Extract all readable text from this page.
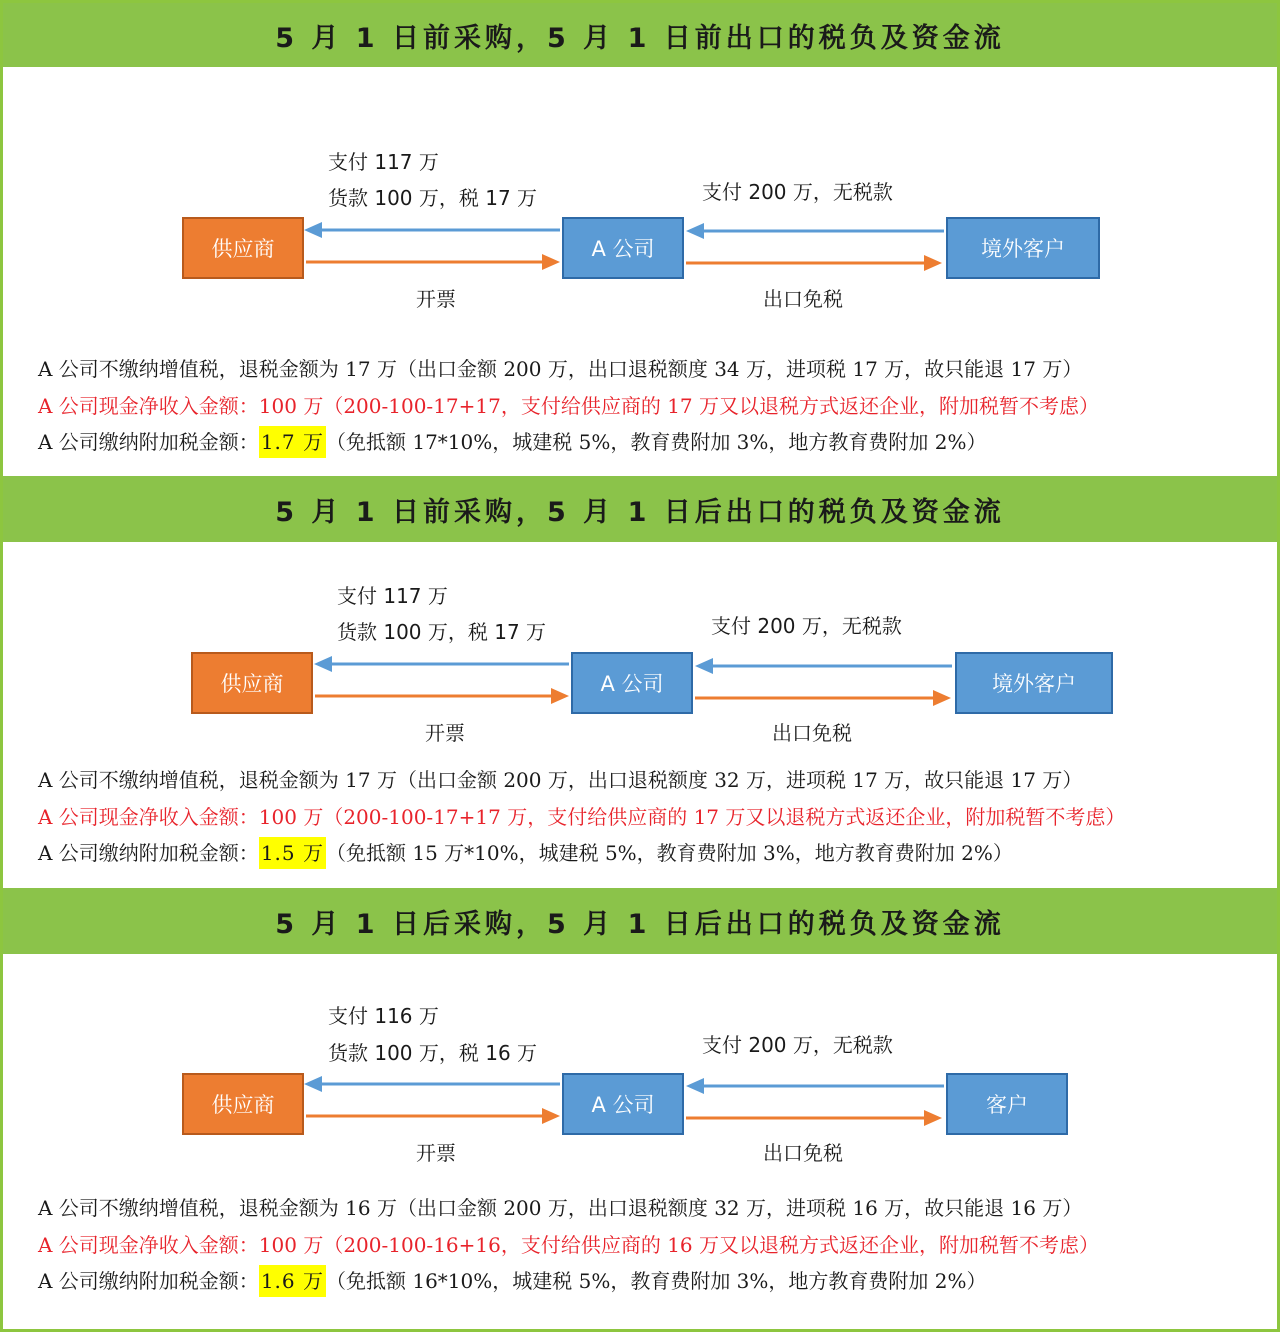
5 月 1 日前采购，5 月 1 日前出口的税负及资金流
支付 117 万
货款 100 万，税 17 万	支付 200 万，无税款
供应商	A 公司	境外客户
开票	出口免税
A 公司不缴纳增值税，退税金额为 17 万（出口金额 200 万，出口退税额度 34 万，进项税 17 万，故只能退 17 万）
A 公司现金净收入金额：100 万（200-100-17+17，支付给供应商的 17 万又以退税方式返还企业，附加税暂不考虑）
A 公司缴纳附加税金额： 1.7 万 （免抵额 17*10%，城建税 5%，教育费附加 3%，地方教育费附加 2%）
5 月 1 日前采购，5 月 1 日后出口的税负及资金流
支付 117 万
货款 100 万，税 17 万	支付 200 万，无税款
供应商	A 公司	境外客户
开票	出口免税
A 公司不缴纳增值税，退税金额为 17 万（出口金额 200 万，出口退税额度 32 万，进项税 17 万，故只能退 17 万）
A 公司现金净收入金额：100 万（200-100-17+17 万，支付给供应商的 17 万又以退税方式返还企业，附加税暂不考虑）
A 公司缴纳附加税金额： 1.5 万 （免抵额 15 万*10%，城建税 5%，教育费附加 3%，地方教育费附加 2%）
5 月 1 日后采购，5 月 1 日后出口的税负及资金流
支付 116 万
货款 100 万，税 16 万	支付 200 万，无税款
供应商	A 公司	客户
开票	出口免税
A 公司不缴纳增值税，退税金额为 16 万（出口金额 200 万，出口退税额度 32 万，进项税 16 万，故只能退 16 万）
A 公司现金净收入金额：100 万（200-100-16+16，支付给供应商的 16 万又以退税方式返还企业，附加税暂不考虑）
A 公司缴纳附加税金额： 1.6 万 （免抵额 16*10%，城建税 5%，教育费附加 3%，地方教育费附加 2%）
